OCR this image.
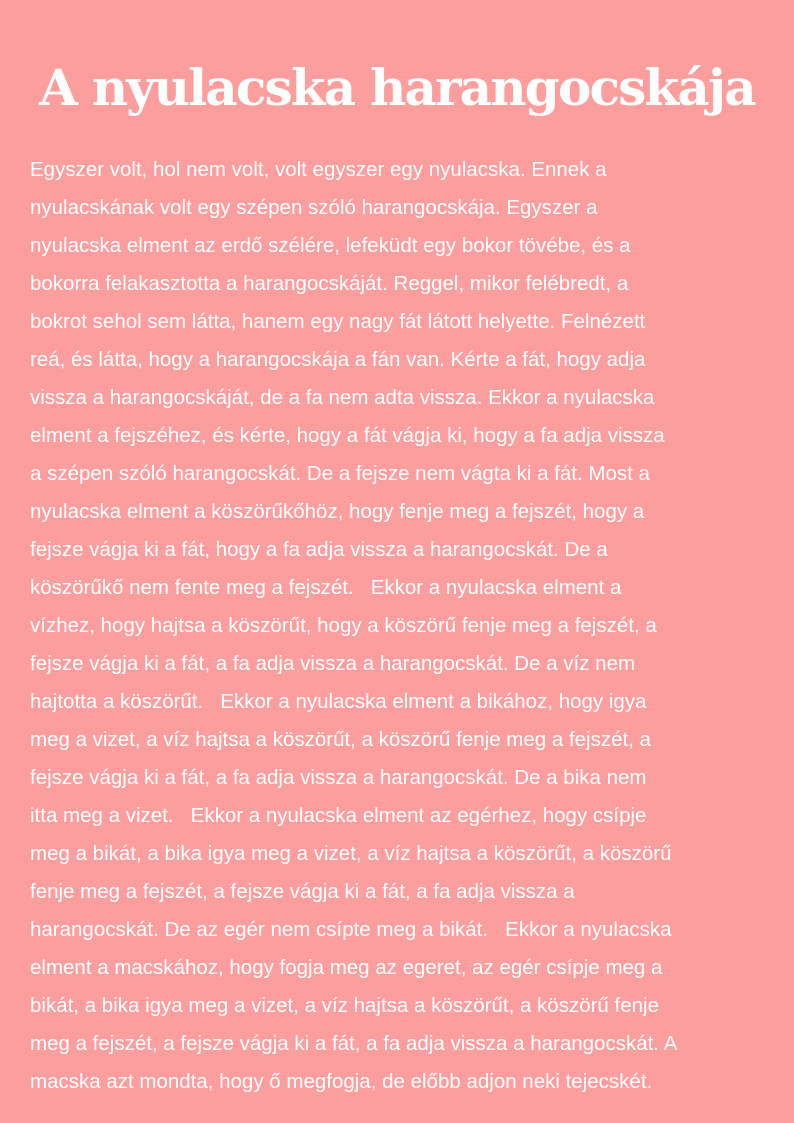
A nyulacska harangocskája

Egyszer volt, hol nem volt, volt egyszer egy nyulacska. Ennek a
nyulacskának volt egy szépen szóló harangocskája. Egyszer a
nyulacska elment az erdő szélére, lefeküdt egy bokor tövébe, és a
bokorra felakasztotta a harangocskáját. Reggel, mikor felébredt, a
bokrot sehol sem látta, hanem egy nagy fát látott helyette. Felnézett
reá, és látta, hogy a harangocskája a fán van. Kérte a fát, hogy adja
vissza a harangocskáját, de a fa nem adta vissza. Ekkor a nyulacska
elment a fejszéhez, és kérte, hogy a fát vágja ki, hogy a fa adja vissza
a szépen szóló harangocskát. De a fejsze nem vágta ki a fát. Most a
nyulacska elment a köszörűkőhöz, hogy fenje meg a fejszét, hogy a
fejsze vágja ki a fát, hogy a fa adja vissza a harangocskát. De a
köszörűkő nem fente meg a fejszét.   Ekkor a nyulacska elment a
vízhez, hogy hajtsa a köszörűt, hogy a köszörű fenje meg a fejszét, a
fejsze vágja ki a fát, a fa adja vissza a harangocskát. De a víz nem
hajtotta a köszörűt.   Ekkor a nyulacska elment a bikához, hogy igya
meg a vizet, a víz hajtsa a köszörűt, a köszörű fenje meg a fejszét, a
fejsze vágja ki a fát, a fa adja vissza a harangocskát. De a bika nem
itta meg a vizet.   Ekkor a nyulacska elment az egérhez, hogy csípje
meg a bikát, a bika igya meg a vizet, a víz hajtsa a köszörűt, a köszörű
fenje meg a fejszét, a fejsze vágja ki a fát, a fa adja vissza a
harangocskát. De az egér nem csípte meg a bikát.   Ekkor a nyulacska
elment a macskához, hogy fogja meg az egeret, az egér csípje meg a
bikát, a bika igya meg a vizet, a víz hajtsa a köszörűt, a köszörű fenje
meg a fejszét, a fejsze vágja ki a fát, a fa adja vissza a harangocskát. A
macska azt mondta, hogy ő megfogja, de előbb adjon neki tejecskét.
